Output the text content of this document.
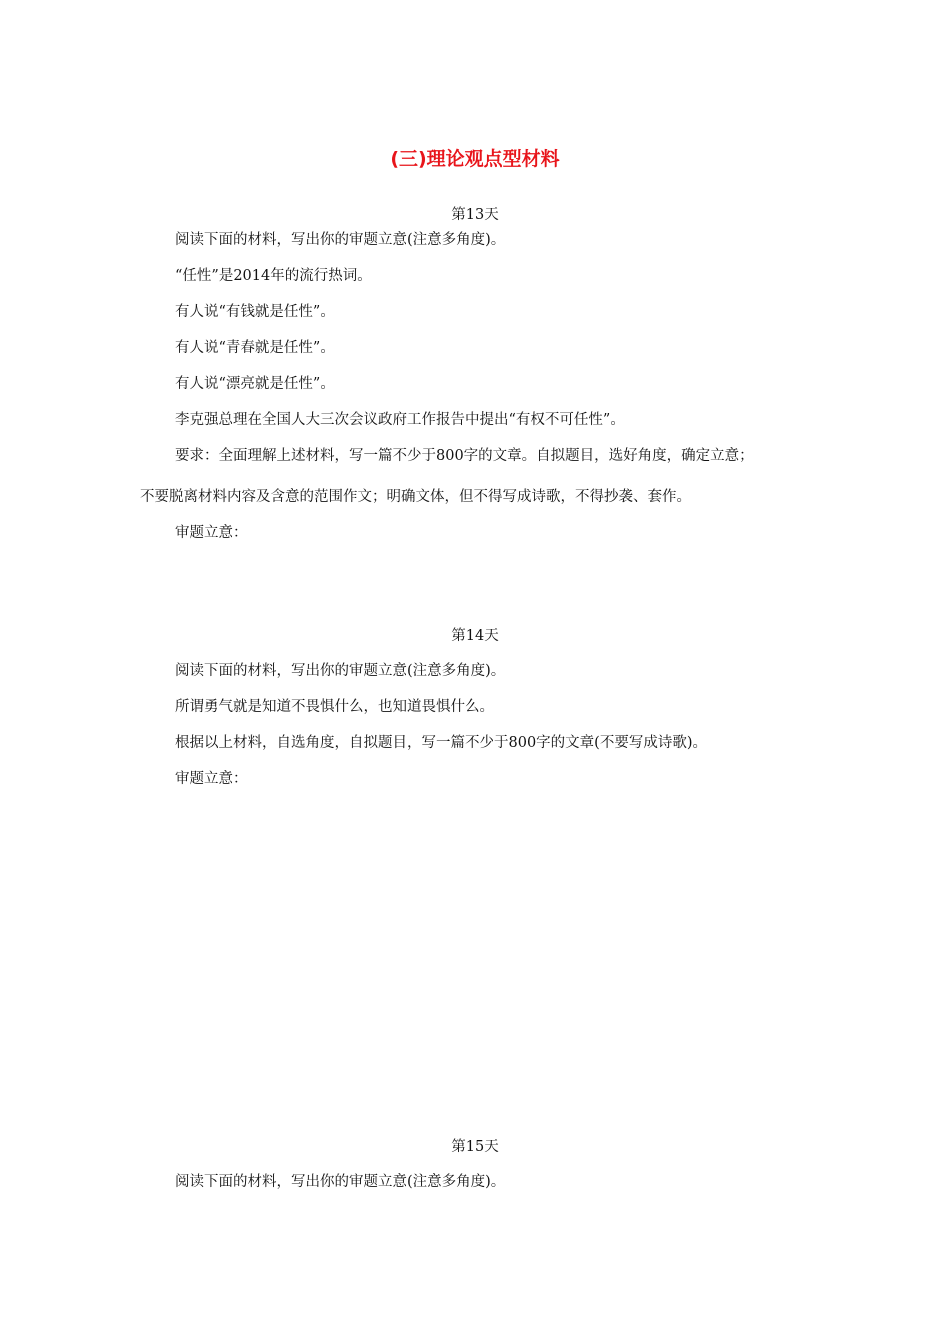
(三)理论观点型材料
第13天
阅读下面的材料，写出你的审题立意(注意多角度)。
“任性”是2014年的流行热词。
有人说“有钱就是任性”。
有人说“青春就是任性”。
有人说“漂亮就是任性”。
李克强总理在全国人大三次会议政府工作报告中提出“有权不可任性”。
要求：全面理解上述材料，写一篇不少于800字的文章。自拟题目，选好角度，确定立意；
不要脱离材料内容及含意的范围作文；明确文体，但不得写成诗歌，不得抄袭、套作。
审题立意：
第14天
阅读下面的材料，写出你的审题立意(注意多角度)。
所谓勇气就是知道不畏惧什么，也知道畏惧什么。
根据以上材料，自选角度，自拟题目，写一篇不少于800字的文章(不要写成诗歌)。
审题立意：
第15天
阅读下面的材料，写出你的审题立意(注意多角度)。
